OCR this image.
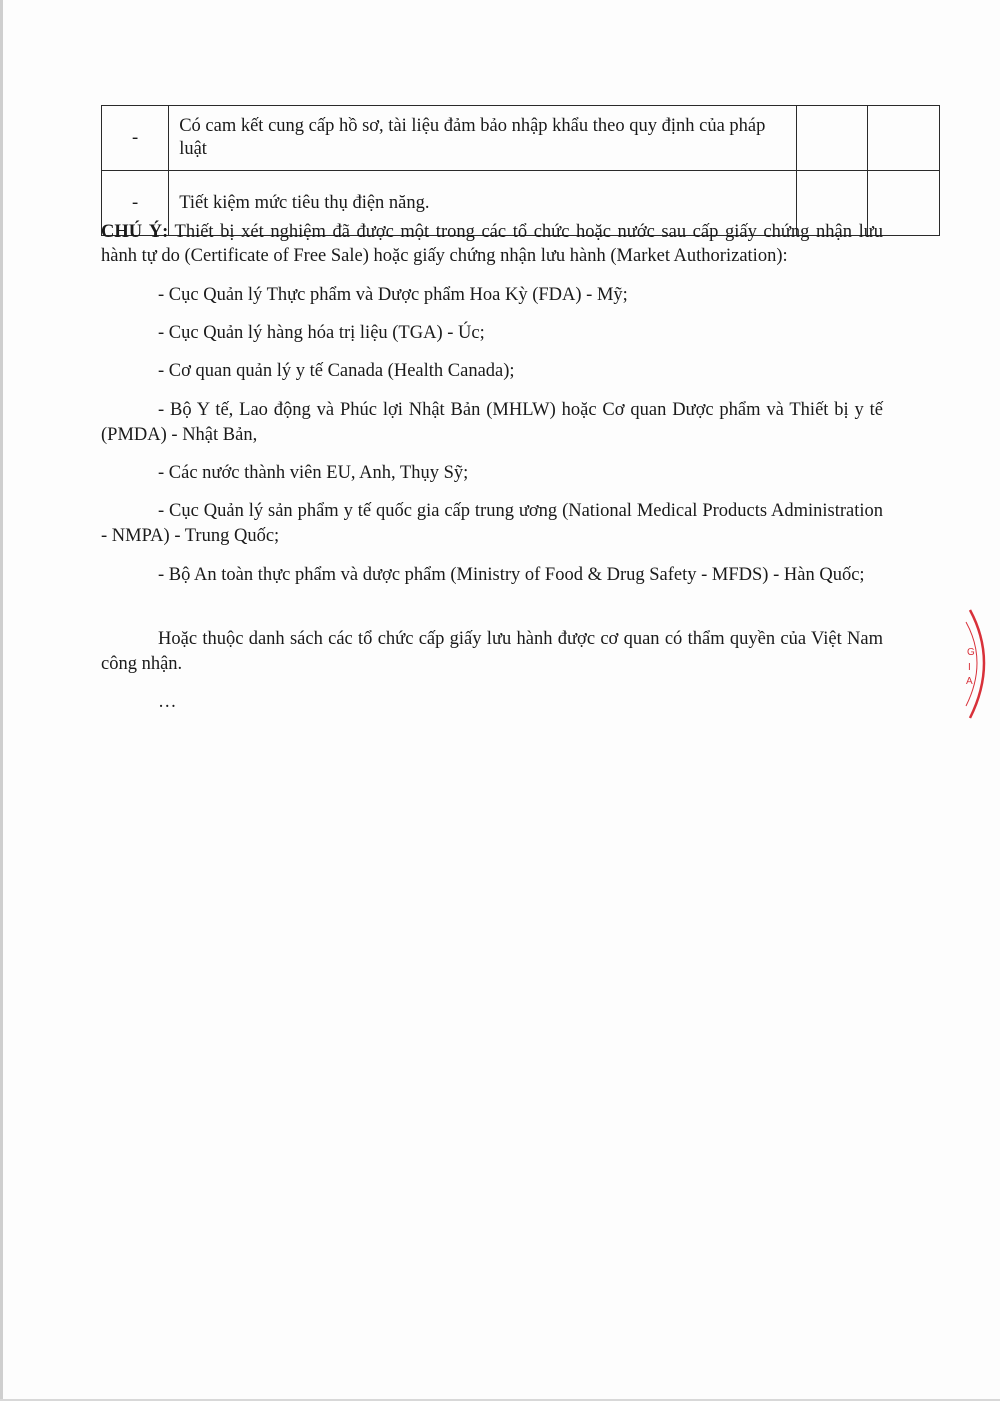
-	Có cam kết cung cấp hồ sơ, tài liệu đảm bảo nhập khẩu theo quy định của pháp luật		
-	Tiết kiệm mức tiêu thụ điện năng.		
CHÚ Ý: Thiết bị xét nghiệm đã được một trong các tổ chức hoặc nước sau cấp giấy chứng nhận lưu hành tự do (Certificate of Free Sale) hoặc giấy chứng nhận lưu hành (Market Authorization):

- Cục Quản lý Thực phẩm và Dược phẩm Hoa Kỳ (FDA) - Mỹ;

- Cục Quản lý hàng hóa trị liệu (TGA) - Úc;

- Cơ quan quản lý y tế Canada (Health Canada);

- Bộ Y tế, Lao động và Phúc lợi Nhật Bản (MHLW) hoặc Cơ quan Dược phẩm và Thiết bị y tế (PMDA) - Nhật Bản,

- Các nước thành viên EU, Anh, Thụy Sỹ;

- Cục Quản lý sản phẩm y tế quốc gia cấp trung ương (National Medical Products Administration - NMPA) - Trung Quốc;

- Bộ An toàn thực phẩm và dược phẩm (Ministry of Food & Drug Safety - MFDS) - Hàn Quốc;

Hoặc thuộc danh sách các tổ chức cấp giấy lưu hành được cơ quan có thẩm quyền của Việt Nam công nhận.

…

G
I
A
